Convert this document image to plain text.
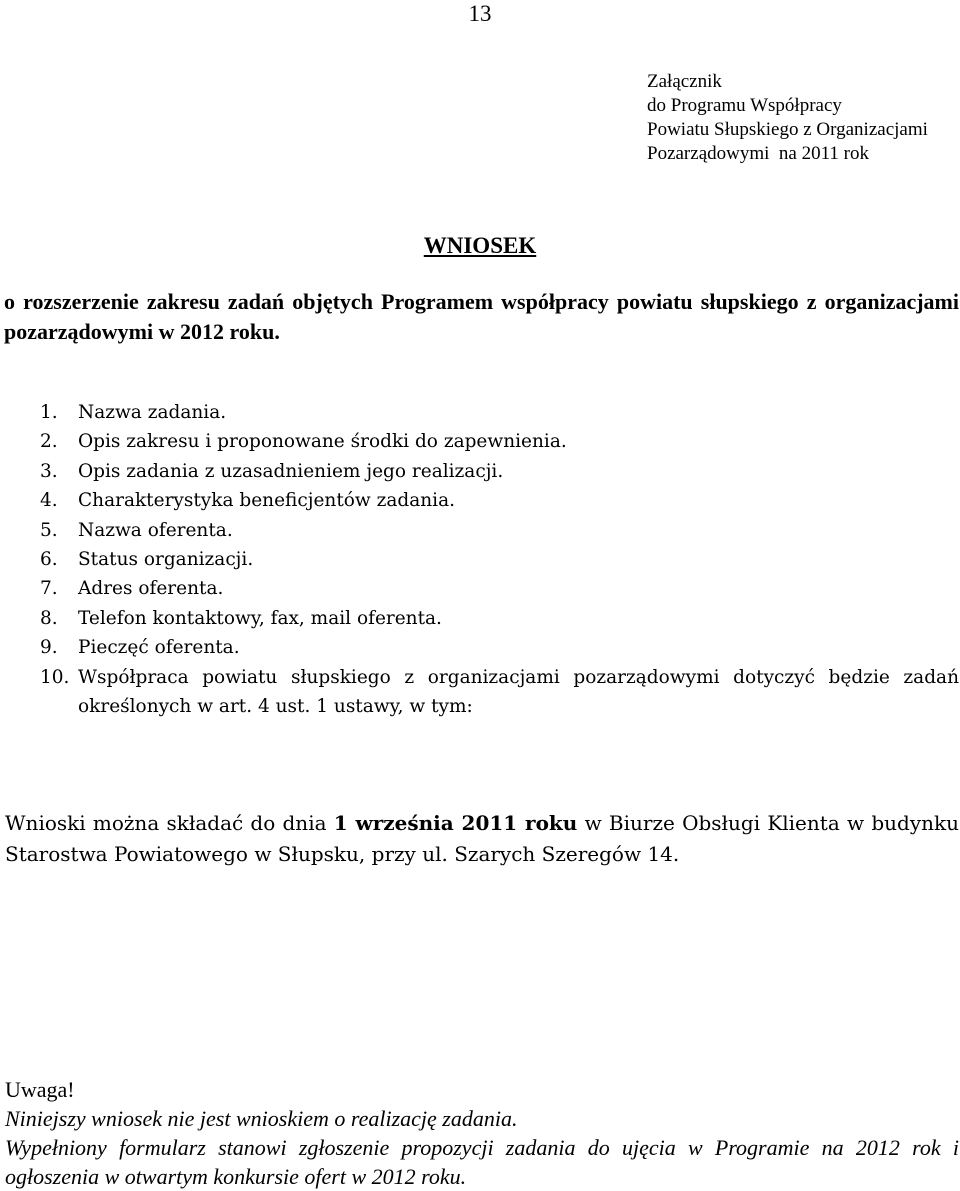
13
Załącznik
do Programu Współpracy
Powiatu Słupskiego z Organizacjami
Pozarządowymi  na 2011 rok
WNIOSEK
o rozszerzenie zakresu zadań objętych Programem współpracy powiatu słupskiego z organizacjami pozarządowymi w 2012 roku.
1.	Nazwa zadania.
2.	Opis zakresu i proponowane środki do zapewnienia.
3.	Opis zadania z uzasadnieniem jego realizacji.
4.	Charakterystyka beneficjentów zadania.
5.	Nazwa oferenta.
6.	Status organizacji.
7.	Adres oferenta.
8.	Telefon kontaktowy, fax, mail oferenta.
9.	Pieczęć oferenta.
10. Współpraca powiatu słupskiego z organizacjami pozarządowymi dotyczyć będzie zadań określonych w art. 4 ust. 1 ustawy, w tym:
Wnioski można składać do dnia 1 września 2011 roku w Biurze Obsługi Klienta w budynku Starostwa Powiatowego w Słupsku, przy ul. Szarych Szeregów 14.
Uwaga!
Niniejszy wniosek nie jest wnioskiem o realizację zadania.
Wypełniony formularz stanowi zgłoszenie propozycji zadania do ujęcia w Programie na 2012 rok i ogłoszenia w otwartym konkursie ofert w 2012 roku.
